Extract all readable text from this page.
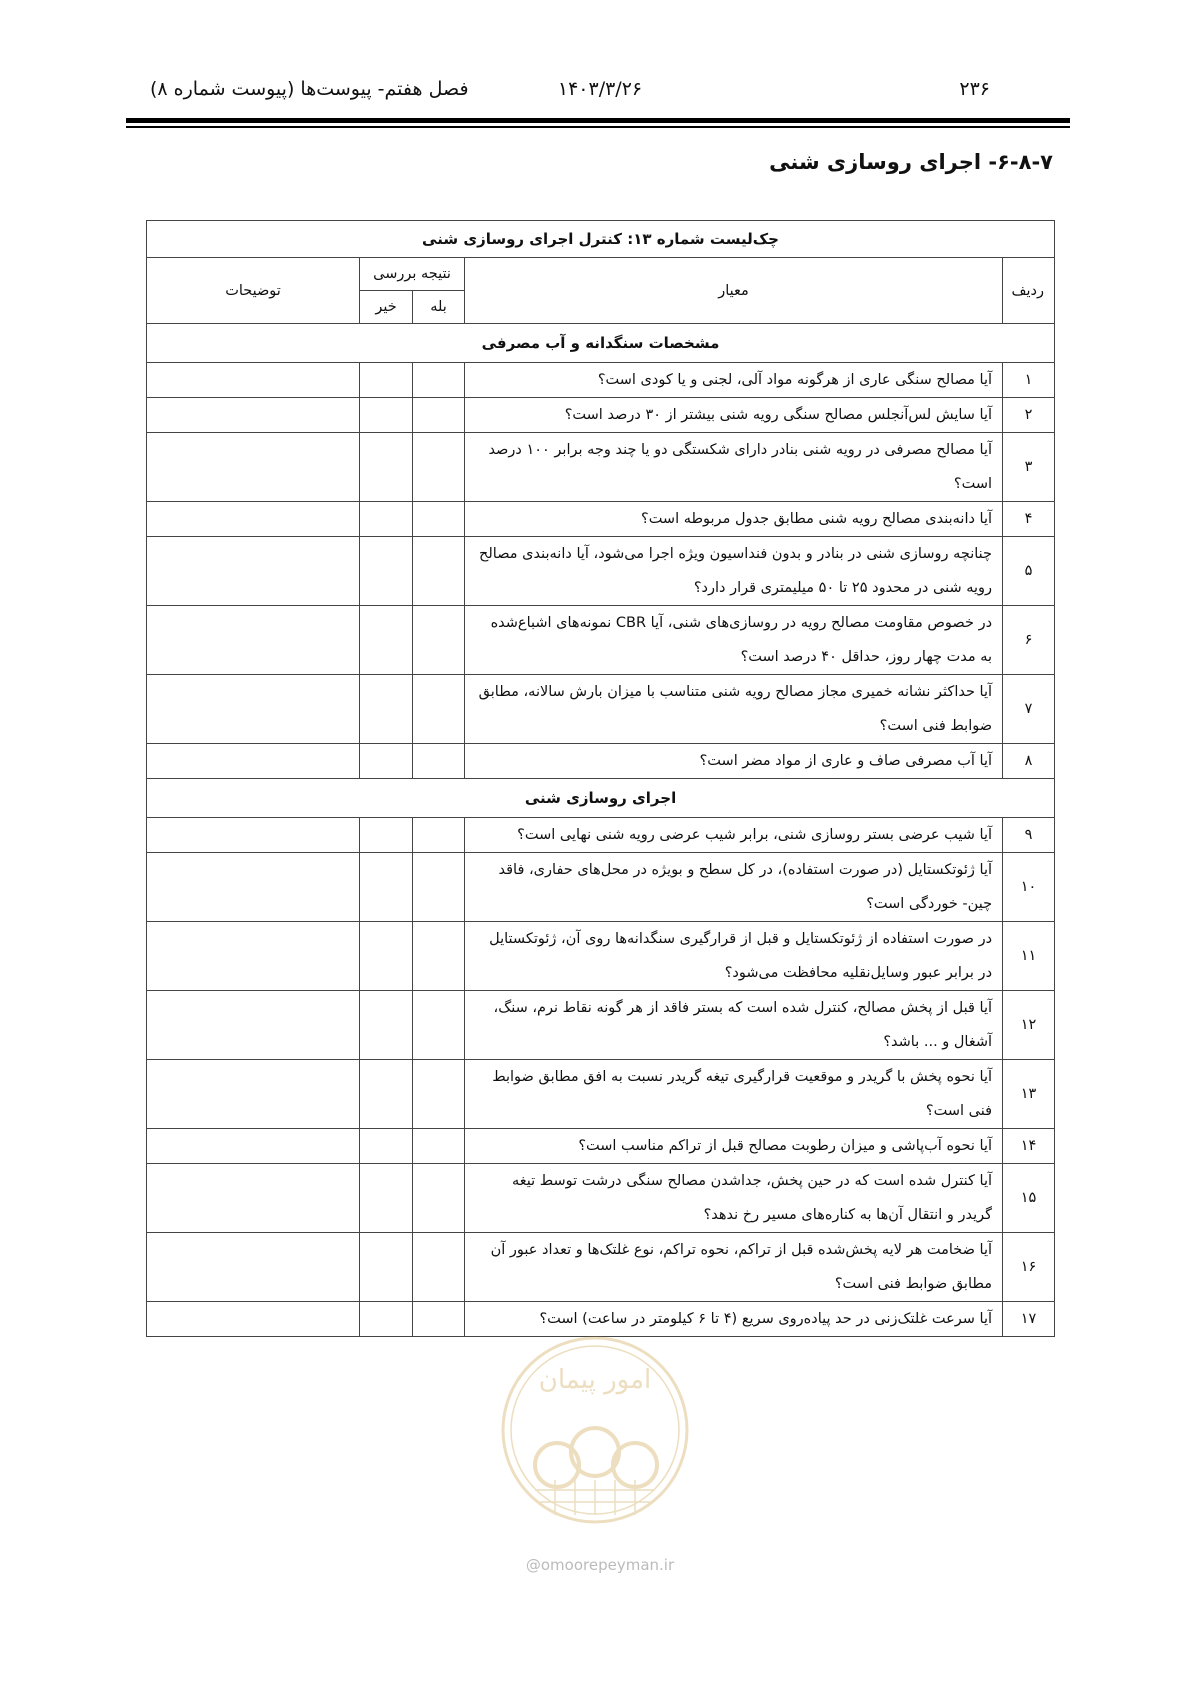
۲۳۶
۱۴۰۳/۳/۲۶
فصل هفتم- پیوست‌ها (پیوست شماره ۸)
۶-۸-۷- اجرای روسازی شنی
چک‌لیست شماره ۱۳: کنترل اجرای روسازی شنی				
ردیف	معیار	نتیجه بررسی		توضیحات
		بله	خیر	
مشخصات سنگدانه و آب مصرفی				
۱	آیا مصالح سنگی عاری از هرگونه مواد آلی، لجنی و یا کودی است؟			
۲	آیا سایش لس‌آنجلس مصالح سنگی رویه شنی بیشتر از ۳۰ درصد است؟			
۳	آیا مصالح مصرفی در رویه شنی بنادر دارای شکستگی دو یا چند وجه برابر ۱۰۰ درصد است؟			
۴	آیا دانه‌بندی مصالح رویه شنی مطابق جدول مربوطه است؟			
۵	چنانچه روسازی شنی در بنادر و بدون فنداسیون ویژه اجرا می‌شود، آیا دانه‌بندی مصالح رویه شنی در محدود ۲۵ تا ۵۰ میلیمتری قرار دارد؟			
۶	در خصوص مقاومت مصالح رویه در روسازی‌های شنی، آیا CBR نمونه‌های اشباع‌شده به مدت چهار روز، حداقل ۴۰ درصد است؟			
۷	آیا حداکثر نشانه خمیری مجاز مصالح رویه شنی متناسب با میزان بارش سالانه، مطابق ضوابط فنی است؟			
۸	آیا آب مصرفی صاف و عاری از مواد مضر است؟			
اجرای روسازی شنی				
۹	آیا شیب عرضی بستر روسازی شنی، برابر شیب عرضی رویه شنی نهایی است؟			
۱۰	آیا ژئوتکستایل (در صورت استفاده)، در کل سطح و بویژه در محل‌های حفاری، فاقد چین- خوردگی است؟			
۱۱	در صورت استفاده از ژئوتکستایل و قبل از قرارگیری سنگدانه‌ها روی آن، ژئوتکستایل در برابر عبور وسایل‌نقلیه محافظت می‌شود؟			
۱۲	آیا قبل از پخش مصالح، کنترل شده است که بستر فاقد از هر گونه نقاط نرم، سنگ، آشغال و ... باشد؟			
۱۳	آیا نحوه پخش با گریدر و موقعیت قرارگیری تیغه گریدر نسبت به افق مطابق ضوابط فنی است؟			
۱۴	آیا نحوه آب‌پاشی و میزان رطوبت مصالح قبل از تراکم مناسب است؟			
۱۵	آیا کنترل شده است که در حین پخش، جداشدن مصالح سنگی درشت توسط تیغه گریدر و انتقال آن‌ها به کناره‌های مسیر رخ ندهد؟			
۱۶	آیا ضخامت هر لایه پخش‌شده قبل از تراکم، نحوه تراکم، نوع غلتک‌ها و تعداد عبور آن مطابق ضوابط فنی است؟			
۱۷	آیا سرعت غلتک‌زنی در حد پیاده‌روی سریع (۴ تا ۶ کیلومتر در ساعت) است؟			
امور پیمان
@omoorepeyman.ir
